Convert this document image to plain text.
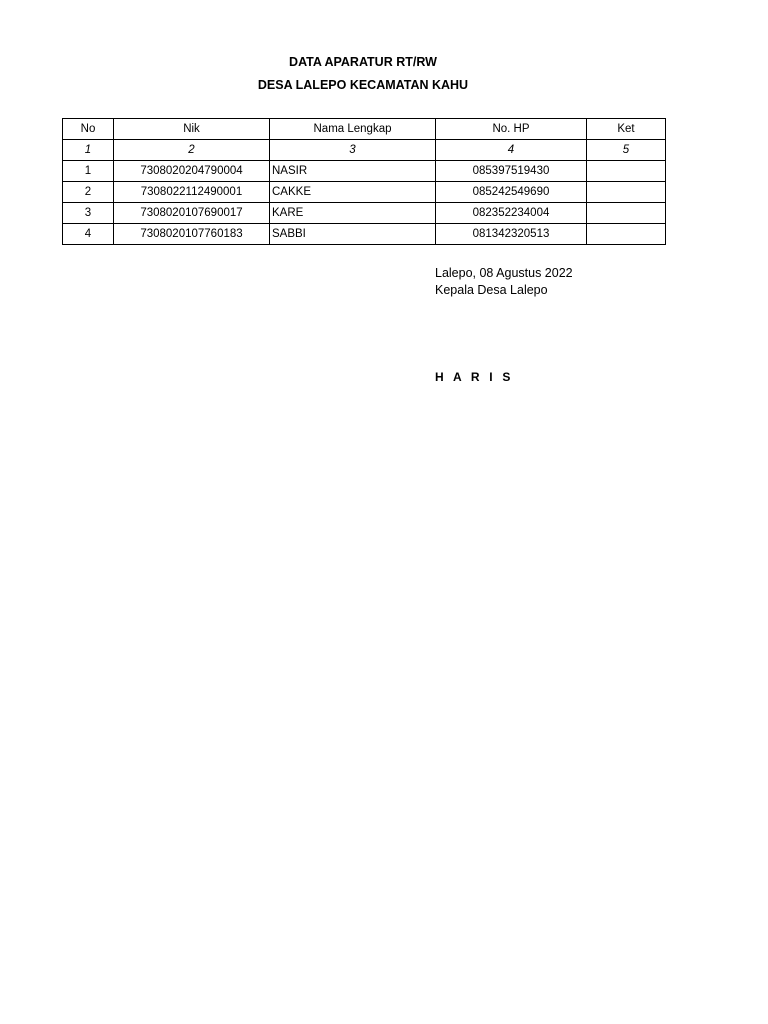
DATA APARATUR RT/RW
DESA LALEPO KECAMATAN KAHU
No	Nik	Nama Lengkap	No. HP	Ket
1	2	3	4	5
1	7308020204790004	NASIR	085397519430	
2	7308022112490001	CAKKE	085242549690	
3	7308020107690017	KARE	082352234004	
4	7308020107760183	SABBI	081342320513	
Lalepo, 08 Agustus 2022
Kepala Desa Lalepo
H A R I S
